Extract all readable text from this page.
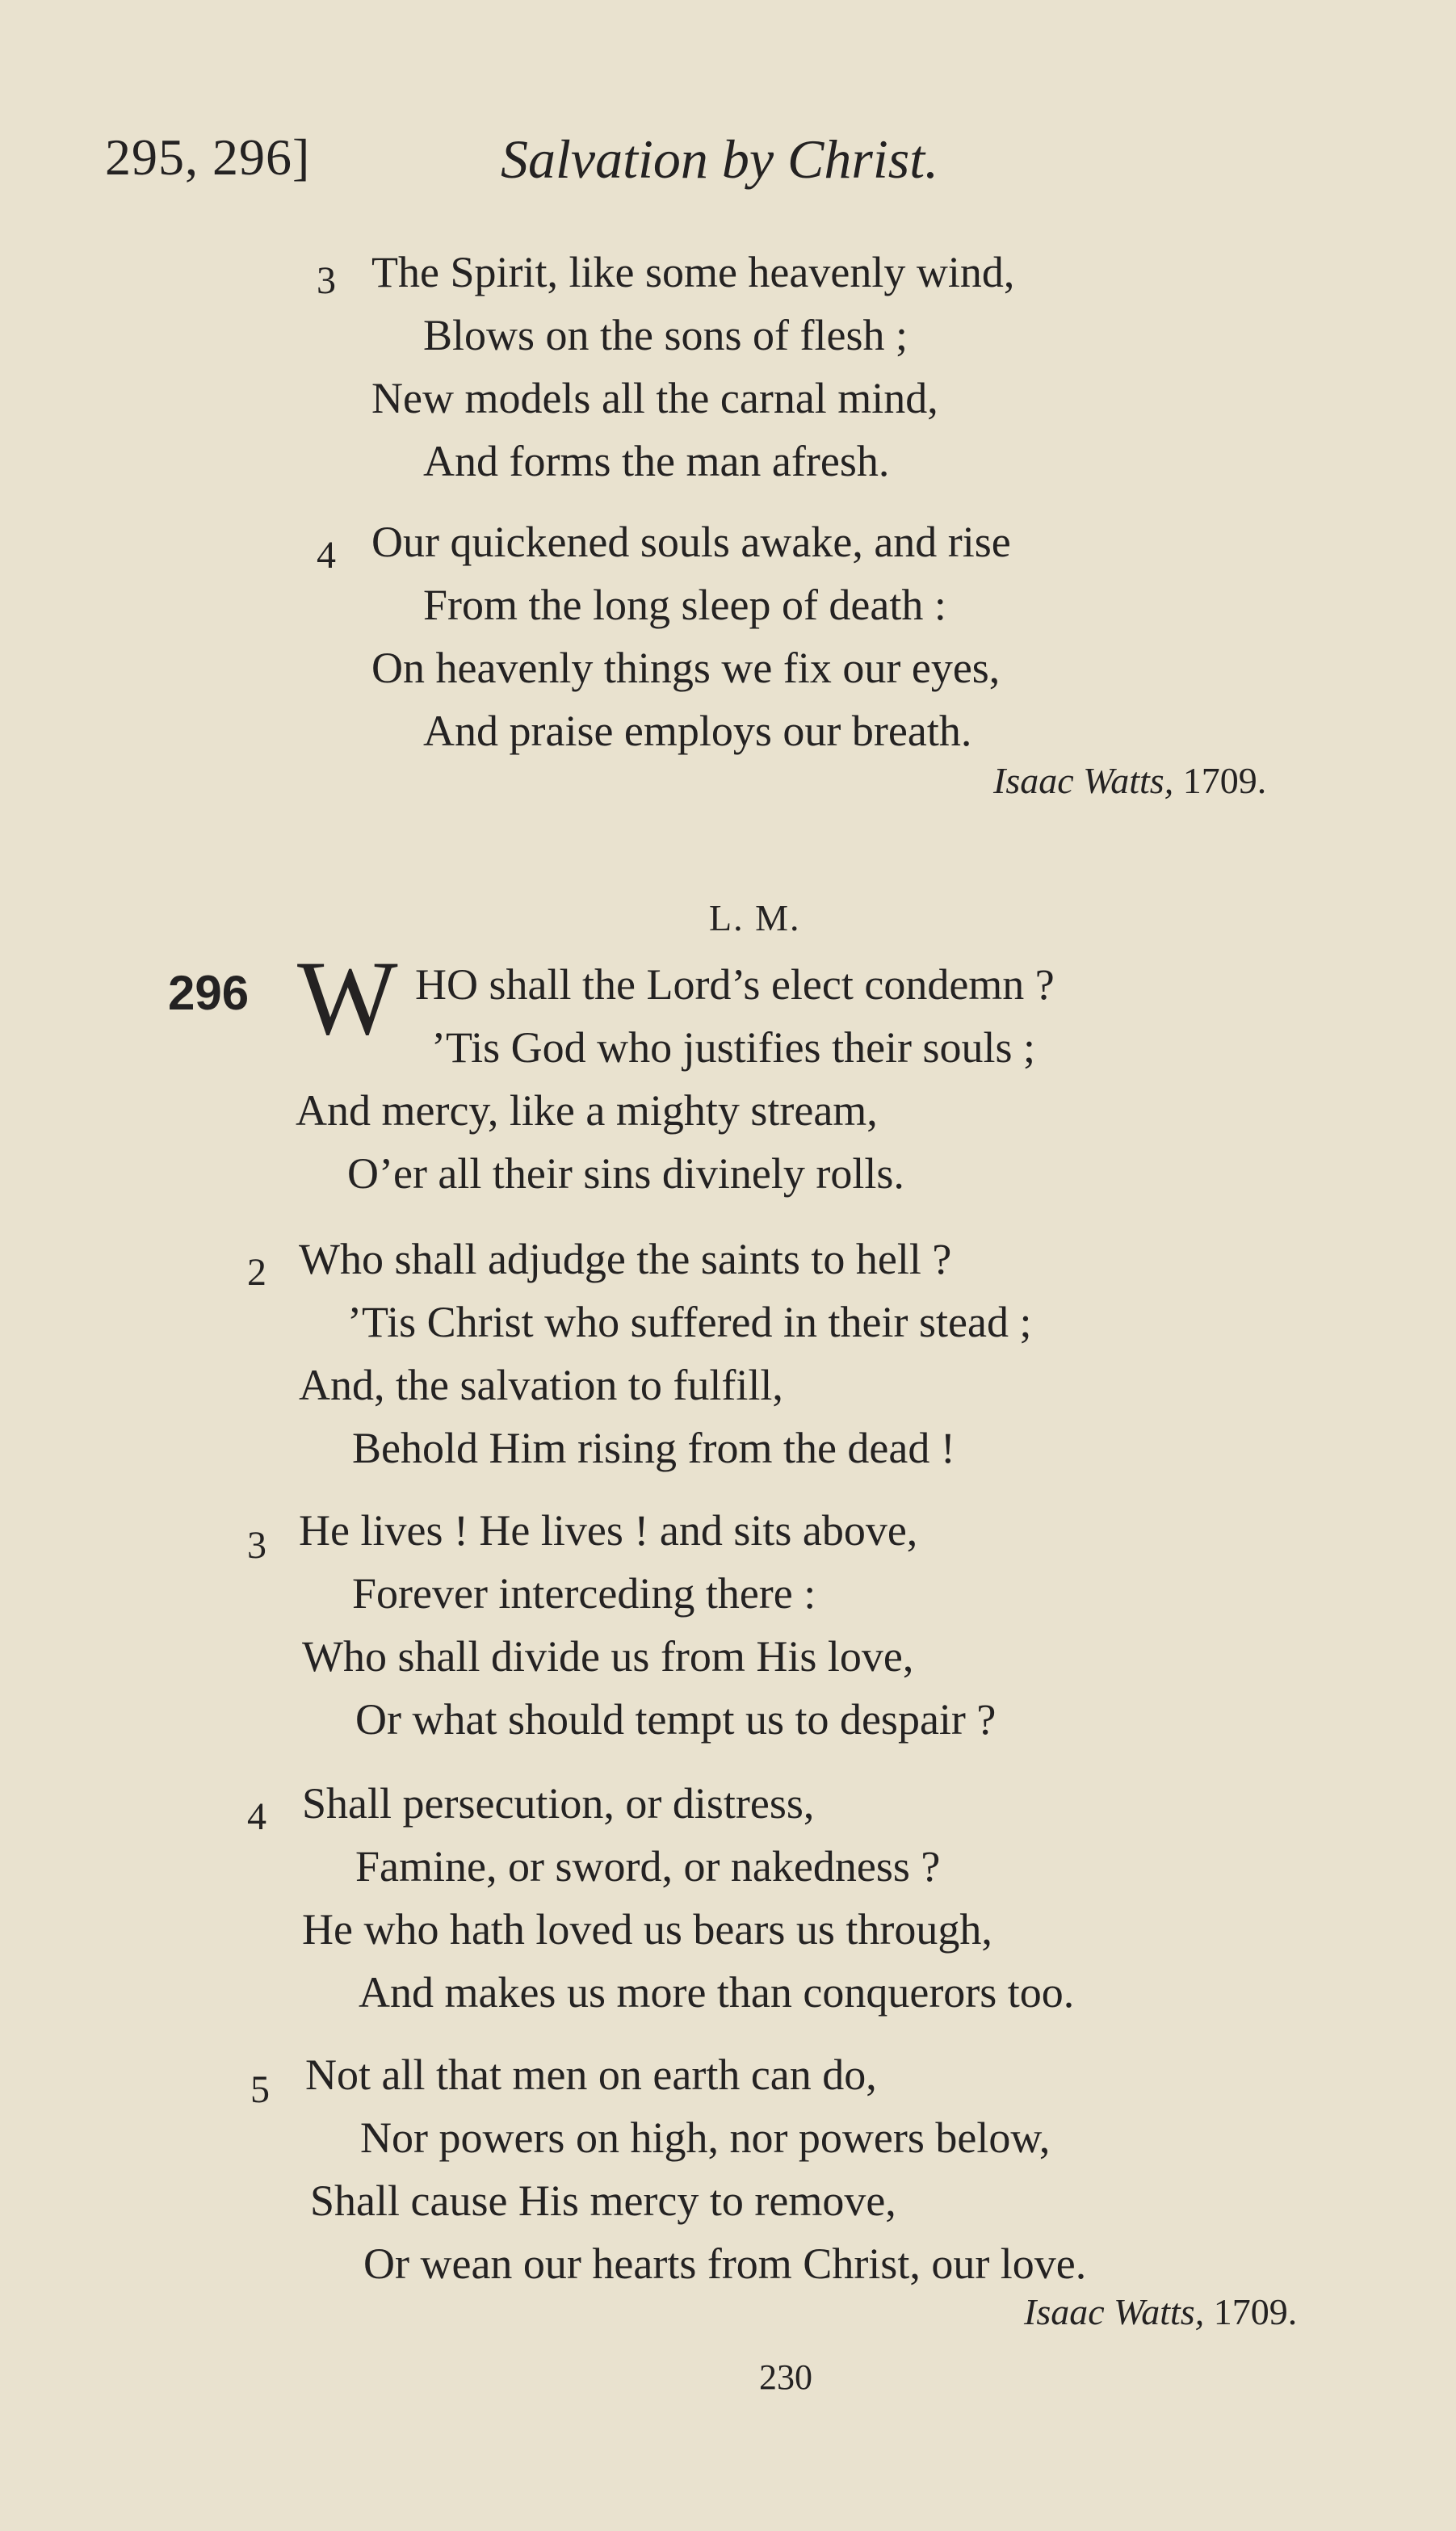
295, 296]	Salvation by Christ.
3 The Spirit, like some heavenly wind,
Blows on the sons of flesh ;
New models all the carnal mind,
And forms the man afresh.
4 Our quickened souls awake, and rise
From the long sleep of death :
On heavenly things we fix our eyes,
And praise employs our breath.
Isaac Watts, 1709.
L. M.
296 W HO shall the Lord’s elect condemn ?
’Tis God who justifies their souls ;
And mercy, like a mighty stream,
O’er all their sins divinely rolls.
2 Who shall adjudge the saints to hell ?
’Tis Christ who suffered in their stead ;
And, the salvation to fulfill,
Behold Him rising from the dead !
3 He lives ! He lives ! and sits above,
Forever interceding there :
Who shall divide us from His love,
Or what should tempt us to despair ?
4 Shall persecution, or distress,
Famine, or sword, or nakedness ?
He who hath loved us bears us through,
And makes us more than conquerors too.
5 Not all that men on earth can do,
Nor powers on high, nor powers below,
Shall cause His mercy to remove,
Or wean our hearts from Christ, our love.
Isaac Watts, 1709.
230
